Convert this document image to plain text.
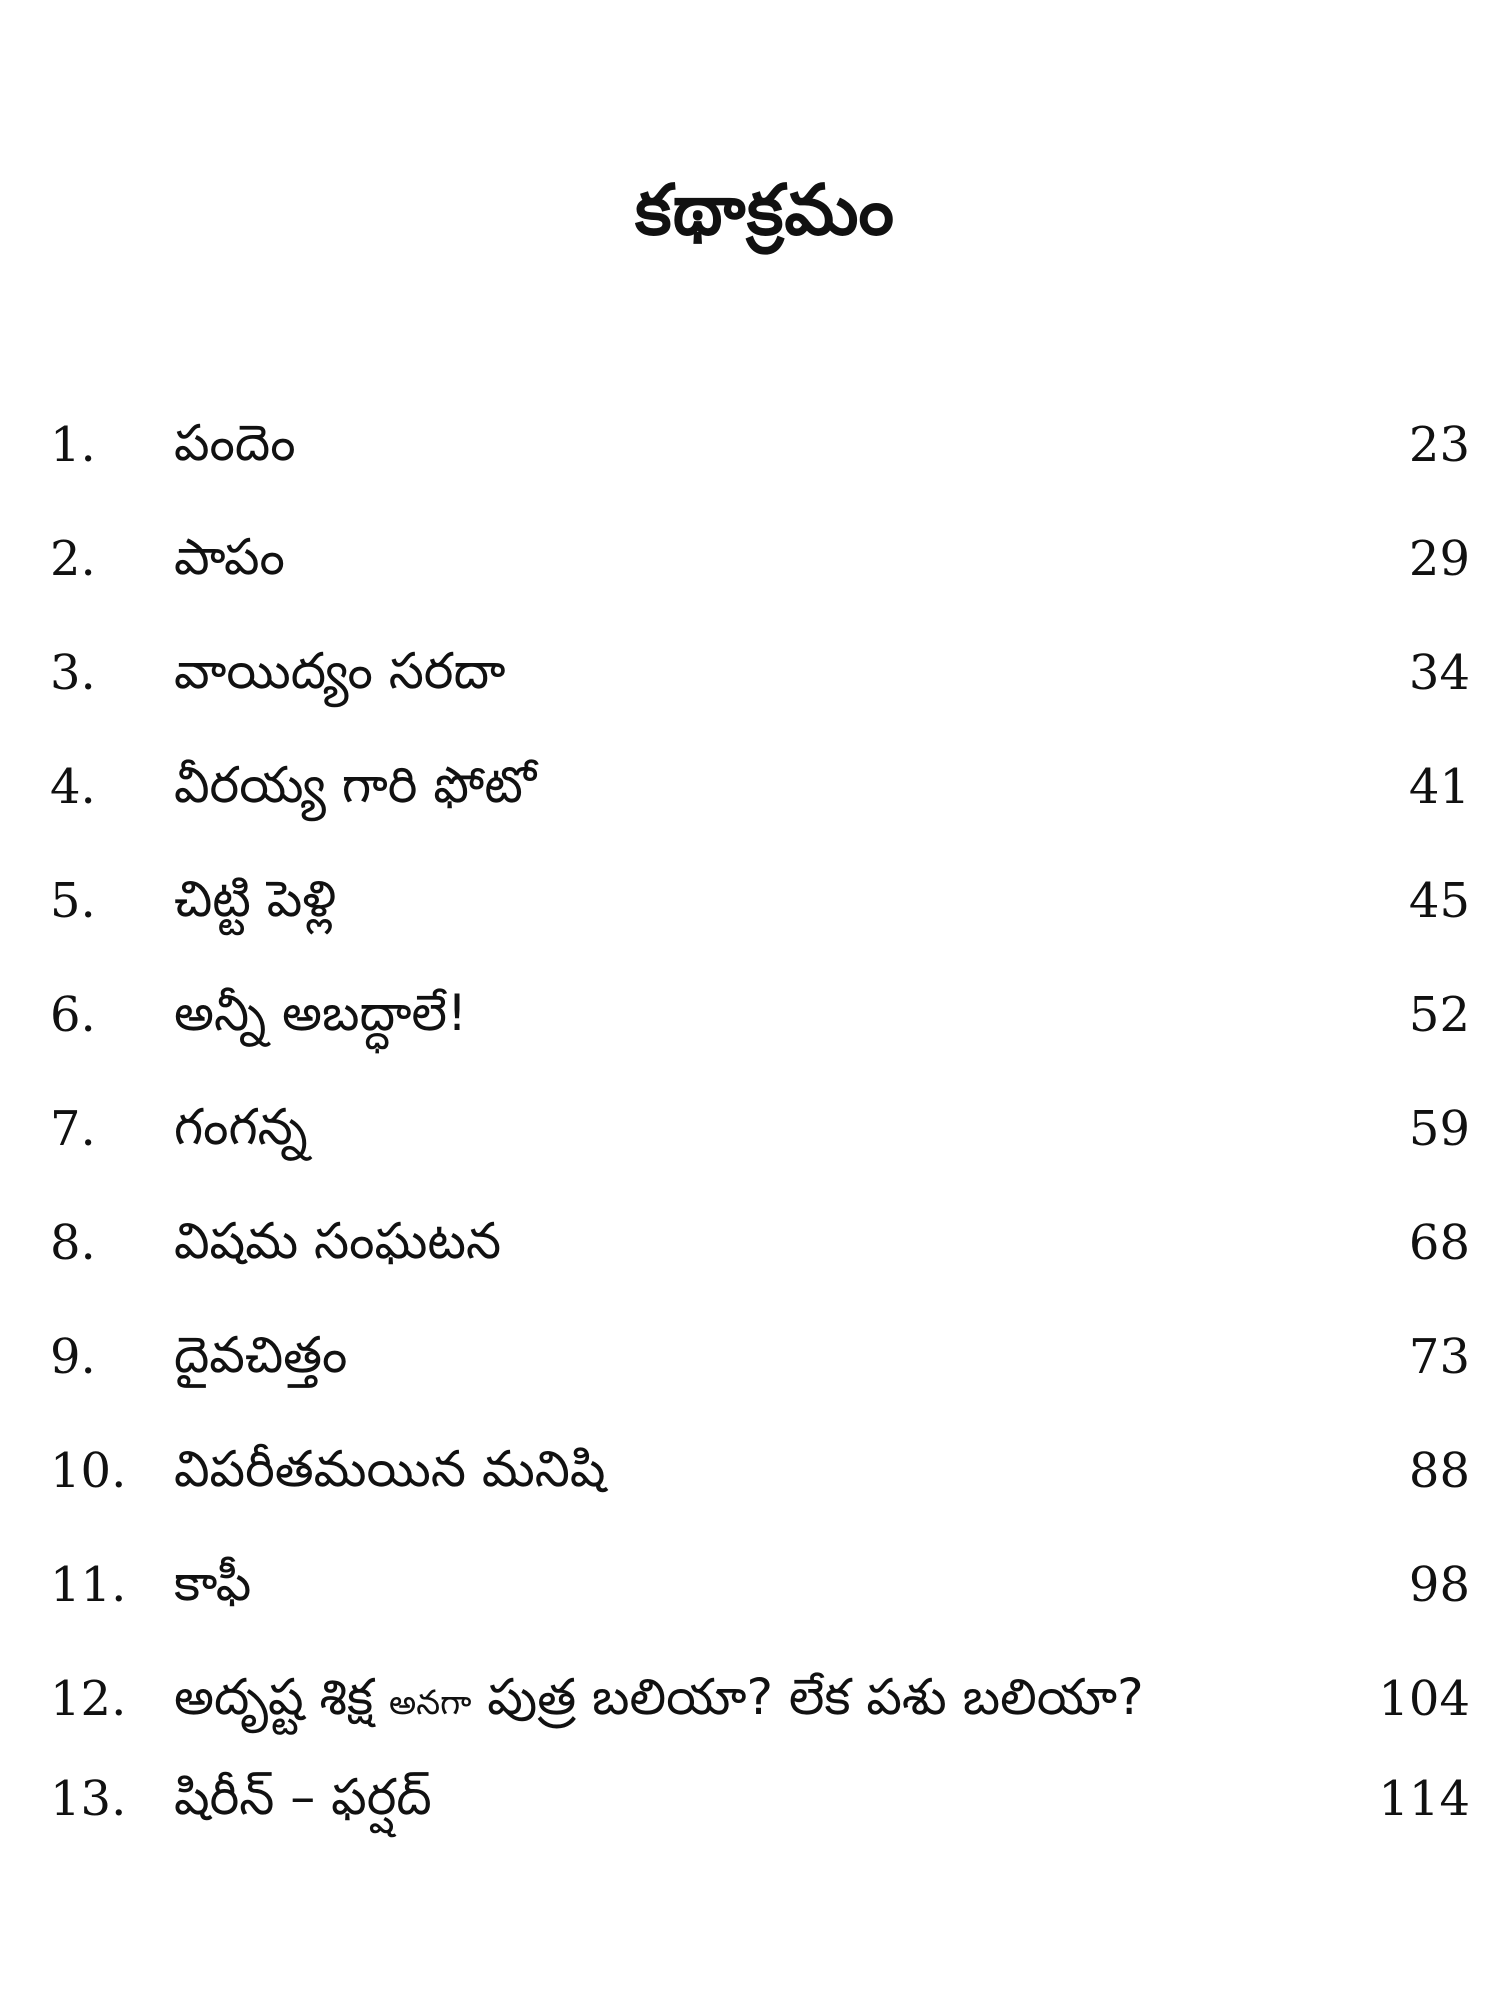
కథాక్రమం
1. పందెం	23
2. పాపం	29
3. వాయిద్యం సరదా	34
4. వీరయ్య గారి ఫోటో	41
5. చిట్టి పెళ్లి	45
6. అన్నీ అబద్ధాలే!	52
7. గంగన్న	59
8. విషమ సంఘటన	68
9. దైవచిత్తం	73
10. విపరీతమయిన మనిషి	88
11. కాఫీ	98
12. అదృష్ట శిక్ష అనగా పుత్ర బలియా? లేక పశు బలియా?	104
13. షిరీన్ – ఫర్షద్	114
